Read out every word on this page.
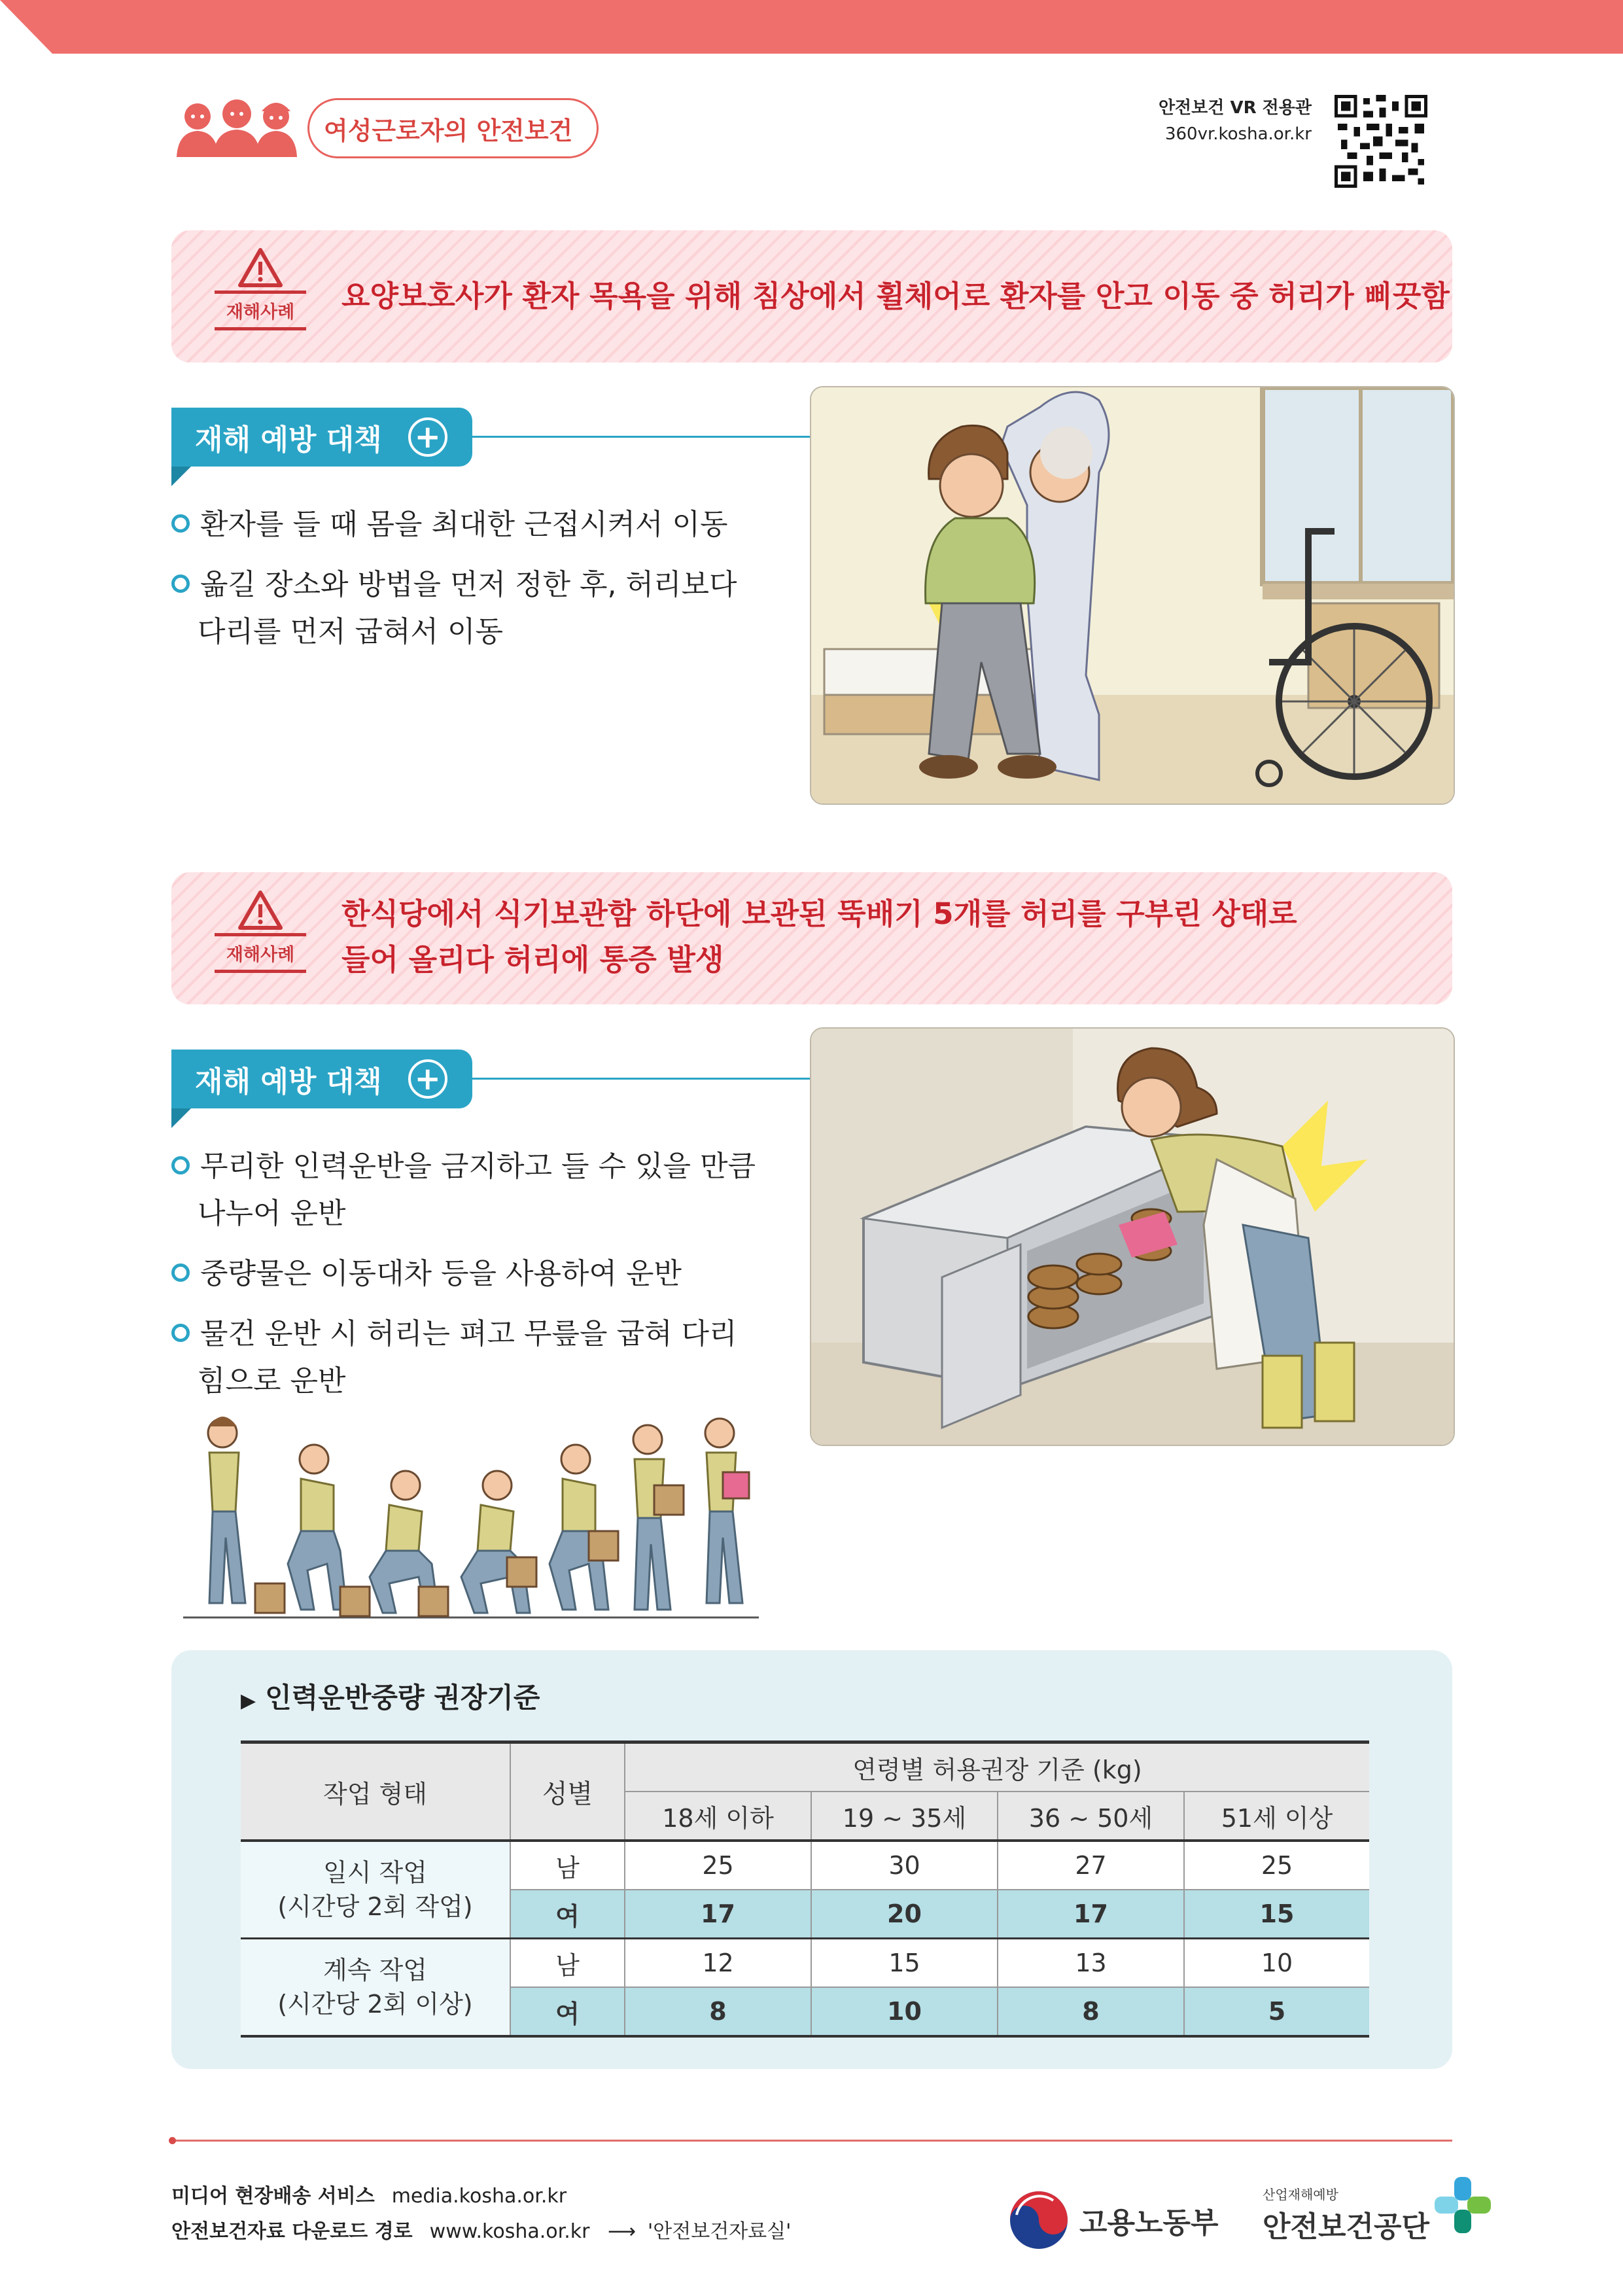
여성근로자의 안전보건
안전보건 VR 전용관
360vr.kosha.or.kr
재해사례	요양보호사가 환자 목욕을 위해 침상에서 휠체어로 환자를 안고 이동 중 허리가 삐끗함
재해 예방 대책 +
환자를 들 때 몸을 최대한 근접시켜서 이동
옮길 장소와 방법을 먼저 정한 후, 허리보다
다리를 먼저 굽혀서 이동
재해사례
한식당에서 식기보관함 하단에 보관된 뚝배기 5개를 허리를 구부린 상태로
들어 올리다 허리에 통증 발생
재해 예방 대책 +
무리한 인력운반을 금지하고 들 수 있을 만큼
나누어 운반
중량물은 이동대차 등을 사용하여 운반
물건 운반 시 허리는 펴고 무릎을 굽혀 다리
힘으로 운반
▶ 인력운반중량 권장기준
작업 형태	성별	연령별 허용권장 기준 (kg)			
		18세 이하	19 ~ 35세	36 ~ 50세	51세 이상

일시 작업
(시간당 2회 작업)	남	25	30	27	25
	여	17	20	17	15

계속 작업
(시간당 2회 이상)	남	12	15	13	10
	여	8	10	8	5
미디어 현장배송 서비스 media.kosha.or.kr
안전보건자료 다운로드 경로 www.kosha.or.kr ⟶ '안전보건자료실'	고용노동부
산업재해예방
안전보건공단
